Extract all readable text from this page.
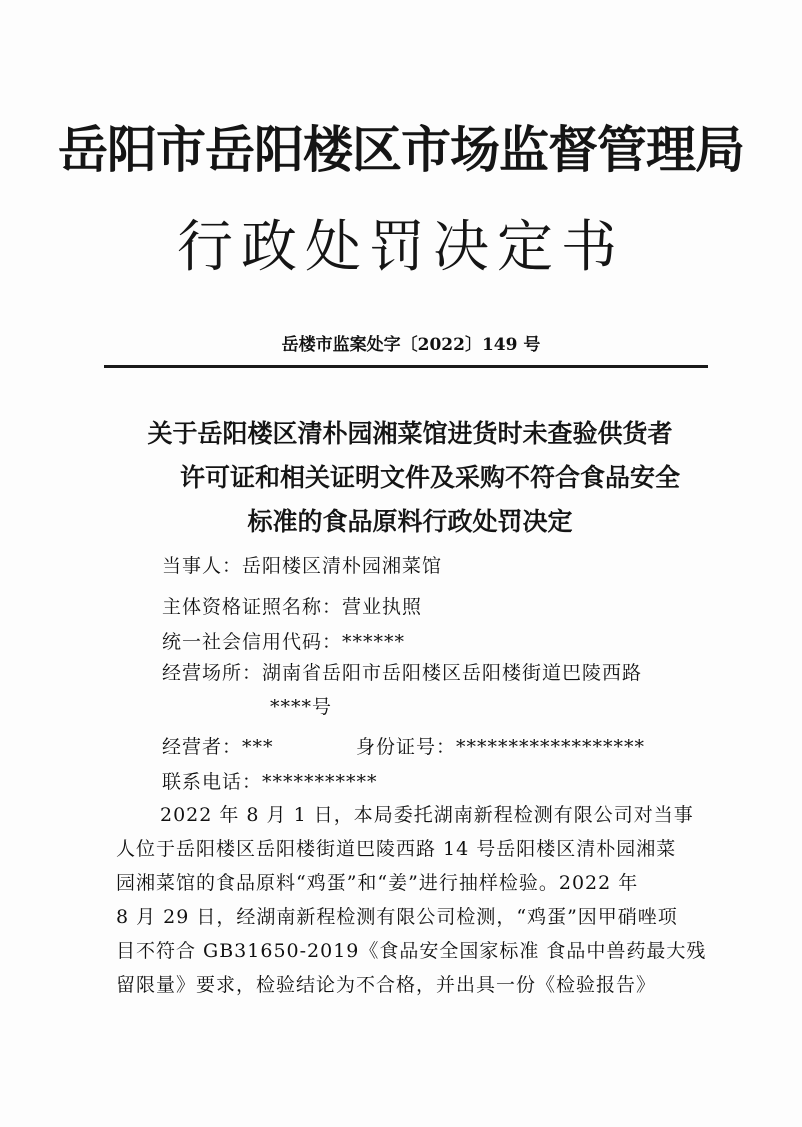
岳阳市岳阳楼区市场监督管理局
行政处罚决定书
岳楼市监案处字〔2022〕149 号
关于岳阳楼区清朴园湘菜馆进货时未查验供货者
许可证和相关证明文件及采购不符合食品安全
标准的食品原料行政处罚决定
当事人：岳阳楼区清朴园湘菜馆
主体资格证照名称：营业执照
统一社会信用代码：******
经营场所：湖南省岳阳市岳阳楼区岳阳楼街道巴陵西路
****号
经营者：***	身份证号：******************
联系电话：***********
2022 年 8 月 1 日，本局委托湖南新程检测有限公司对当事
人位于岳阳楼区岳阳楼街道巴陵西路 14 号岳阳楼区清朴园湘菜
园湘菜馆的食品原料“鸡蛋”和“姜”进行抽样检验。2022 年
8 月 29 日，经湖南新程检测有限公司检测，“鸡蛋”因甲硝唑项
目不符合 GB31650-2019《食品安全国家标准 食品中兽药最大残
留限量》要求，检验结论为不合格，并出具一份《检验报告》
